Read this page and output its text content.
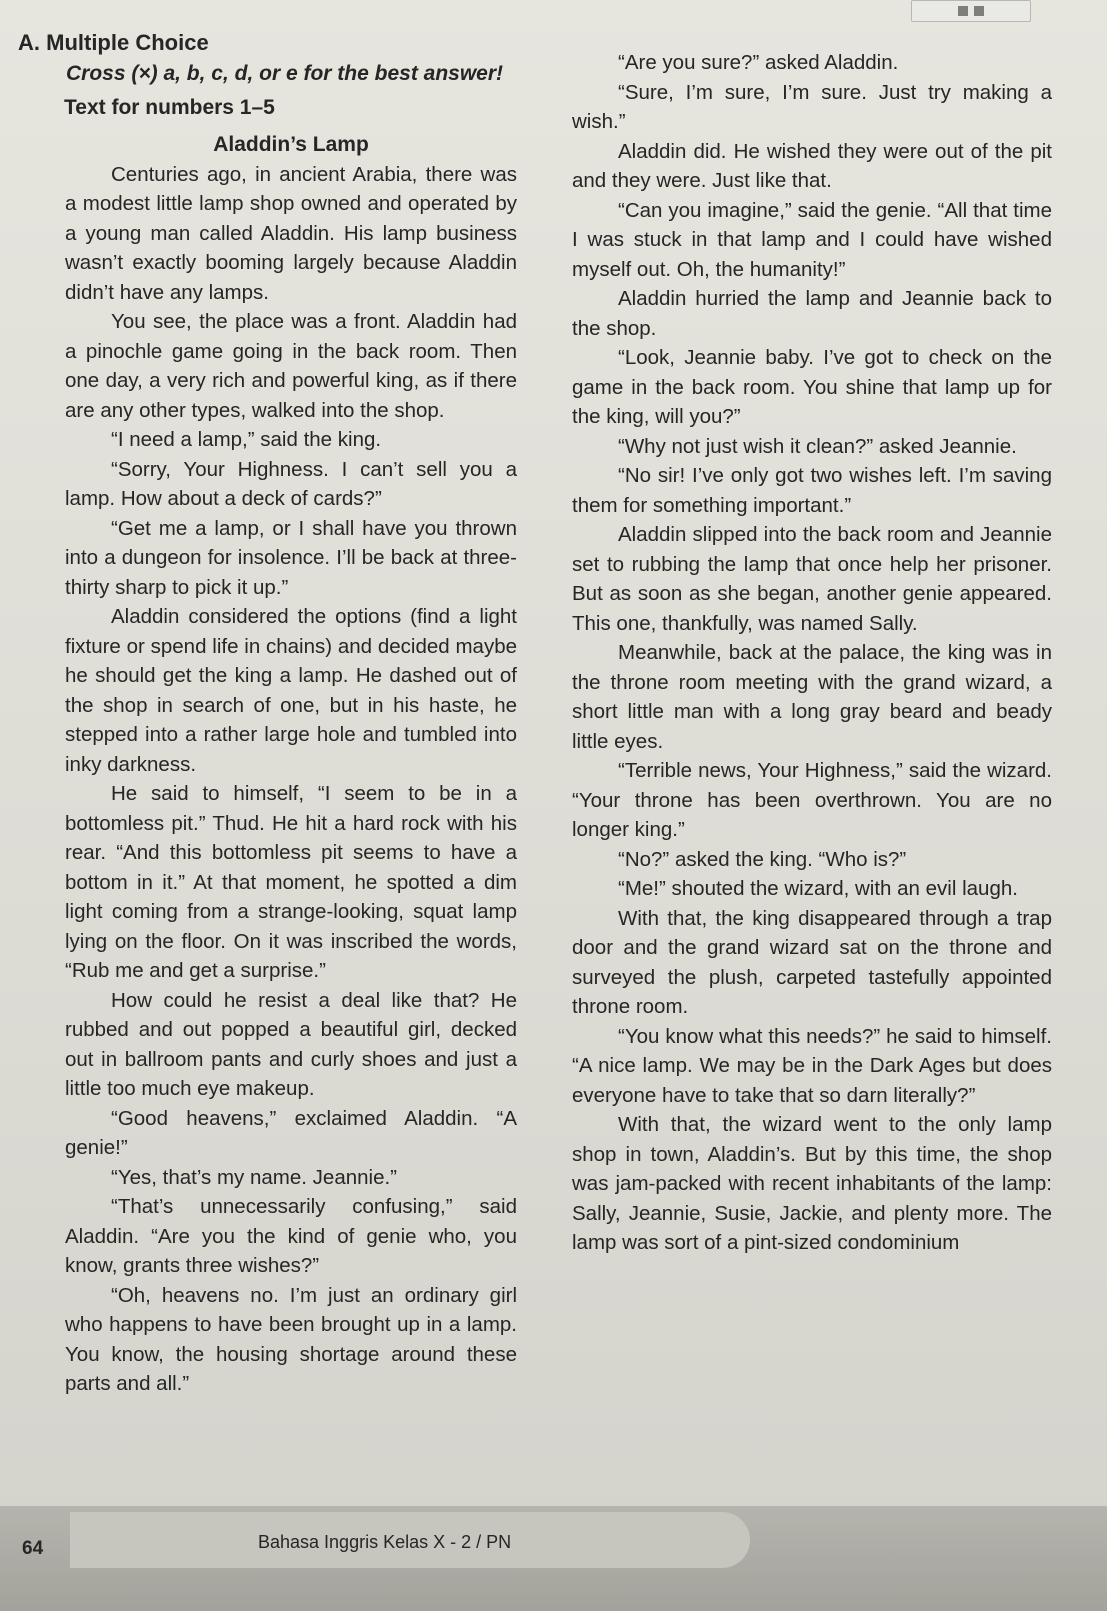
A. Multiple Choice
Cross (×) a, b, c, d, or e for the best answer!
Text for numbers 1–5

Aladdin’s Lamp

Centuries ago, in ancient Arabia, there was a modest little lamp shop owned and operated by a young man called Aladdin. His lamp business wasn’t exactly booming largely because Aladdin didn’t have any lamps.

You see, the place was a front. Aladdin had a pinochle game going in the back room. Then one day, a very rich and powerful king, as if there are any other types, walked into the shop.

“I need a lamp,” said the king.

“Sorry, Your Highness. I can’t sell you a lamp. How about a deck of cards?”

“Get me a lamp, or I shall have you thrown into a dungeon for insolence. I’ll be back at three-thirty sharp to pick it up.”

Aladdin considered the options (find a light fixture or spend life in chains) and decided maybe he should get the king a lamp. He dashed out of the shop in search of one, but in his haste, he stepped into a rather large hole and tumbled into inky darkness.

He said to himself, “I seem to be in a bottomless pit.” Thud. He hit a hard rock with his rear. “And this bottomless pit seems to have a bottom in it.” At that moment, he spotted a dim light coming from a strange-looking, squat lamp lying on the floor. On it was inscribed the words, “Rub me and get a surprise.”

How could he resist a deal like that? He rubbed and out popped a beautiful girl, decked out in ballroom pants and curly shoes and just a little too much eye makeup.

“Good heavens,” exclaimed Aladdin. “A genie!”

“Yes, that’s my name. Jeannie.”

“That’s unnecessarily confusing,” said Aladdin. “Are you the kind of genie who, you know, grants three wishes?”

“Oh, heavens no. I’m just an ordinary girl who happens to have been brought up in a lamp. You know, the housing shortage around these parts and all.”

“Are you sure?” asked Aladdin.

“Sure, I’m sure, I’m sure. Just try making a wish.”

Aladdin did. He wished they were out of the pit and they were. Just like that.

“Can you imagine,” said the genie. “All that time I was stuck in that lamp and I could have wished myself out. Oh, the humanity!”

Aladdin hurried the lamp and Jeannie back to the shop.

“Look, Jeannie baby. I’ve got to check on the game in the back room. You shine that lamp up for the king, will you?”

“Why not just wish it clean?” asked Jeannie.

“No sir! I’ve only got two wishes left. I’m saving them for something important.”

Aladdin slipped into the back room and Jeannie set to rubbing the lamp that once help her prisoner. But as soon as she began, another genie appeared. This one, thankfully, was named Sally.

Meanwhile, back at the palace, the king was in the throne room meeting with the grand wizard, a short little man with a long gray beard and beady little eyes.

“Terrible news, Your Highness,” said the wizard. “Your throne has been overthrown. You are no longer king.”

“No?” asked the king. “Who is?”

“Me!” shouted the wizard, with an evil laugh.

With that, the king disappeared through a trap door and the grand wizard sat on the throne and surveyed the plush, carpeted tastefully appointed throne room.

“You know what this needs?” he said to himself. “A nice lamp. We may be in the Dark Ages but does everyone have to take that so darn literally?”

With that, the wizard went to the only lamp shop in town, Aladdin’s. But by this time, the shop was jam-packed with recent inhabitants of the lamp: Sally, Jeannie, Susie, Jackie, and plenty more. The lamp was sort of a pint-sized condominium

64	Bahasa Inggris Kelas X - 2 / PN
